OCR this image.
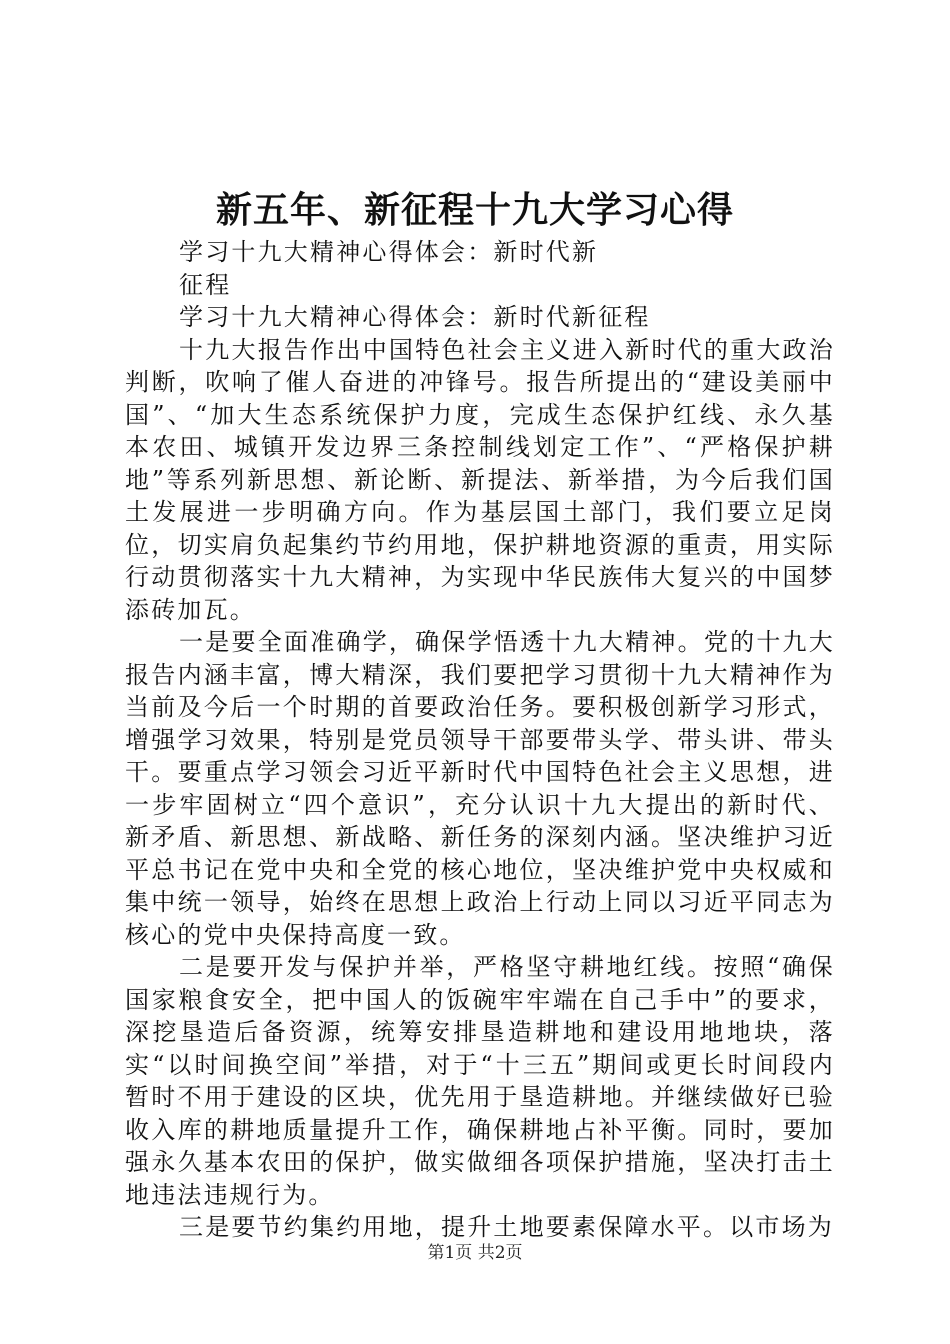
新五年、新征程十九大学习心得

学习十九大精神心得体会：新时代新征程

学习十九大精神心得体会：新时代新征程

十九大报告作出中国特色社会主义进入新时代的重大政治判断，吹响了催人奋进的冲锋号。报告所提出的“建设美丽中国”、“加大生态系统保护力度，完成生态保护红线、永久基本农田、城镇开发边界三条控制线划定工作”、“严格保护耕地”等系列新思想、新论断、新提法、新举措，为今后我们国土发展进一步明确方向。作为基层国土部门，我们要立足岗位，切实肩负起集约节约用地，保护耕地资源的重责，用实际行动贯彻落实十九大精神，为实现中华民族伟大复兴的中国梦添砖加瓦。

一是要全面准确学，确保学悟透十九大精神。党的十九大报告内涵丰富，博大精深，我们要把学习贯彻十九大精神作为当前及今后一个时期的首要政治任务。要积极创新学习形式，增强学习效果，特别是党员领导干部要带头学、带头讲、带头干。要重点学习领会习近平新时代中国特色社会主义思想，进一步牢固树立“四个意识”，充分认识十九大提出的新时代、新矛盾、新思想、新战略、新任务的深刻内涵。坚决维护习近平总书记在党中央和全党的核心地位，坚决维护党中央权威和集中统一领导，始终在思想上政治上行动上同以习近平同志为核心的党中央保持高度一致。

二是要开发与保护并举，严格坚守耕地红线。按照“确保国家粮食安全，把中国人的饭碗牢牢端在自己手中”的要求，深挖垦造后备资源，统筹安排垦造耕地和建设用地地块，落实“以时间换空间”举措，对于“十三五”期间或更长时间段内暂时不用于建设的区块，优先用于垦造耕地。并继续做好已验收入库的耕地质量提升工作，确保耕地占补平衡。同时，要加强永久基本农田的保护，做实做细各项保护措施，坚决打击土地违法违规行为。

三是要节约集约用地，提升土地要素保障水平。以市场为

第1页 共2页
